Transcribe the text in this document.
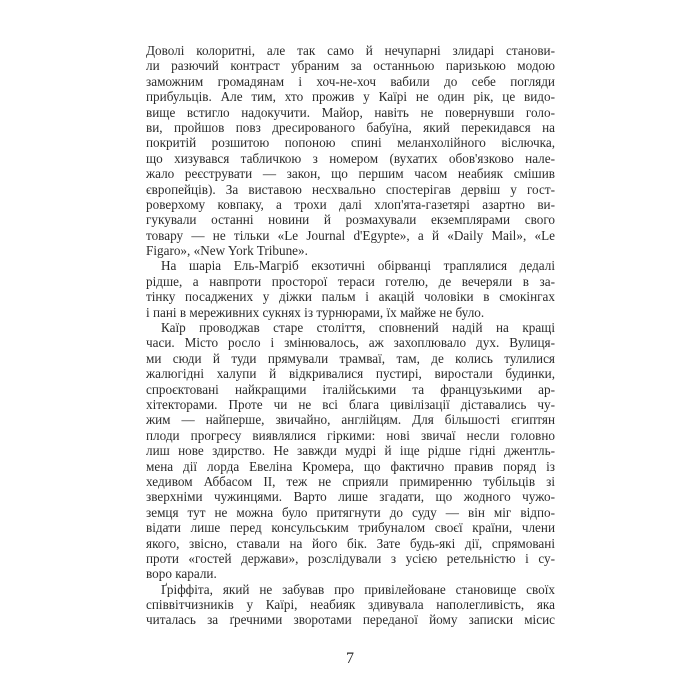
Доволі колоритні, але так само й нечупарні злидарі станови-
ли разючий контраст убраним за останньою паризькою модою
заможним громадянам і хоч-не-хоч вабили до себе погляди
прибульців. Але тим, хто прожив у Каїрі не один рік, це видо-
вище встигло надокучити. Майор, навіть не повернувши голо-
ви, пройшов повз дресированого бабуїна, який перекидався на
покритій розшитою попоною спині меланхолійного віслючка,
що хизувався табличкою з номером (вухатих обов'язково нале-
жало реєструвати — закон, що першим часом неабияк смішив
європейців). За виставою несхвально спостерігав дервіш у гост-
роверхому ковпаку, а трохи далі хлоп'ята-газетярі азартно ви-
гукували останні новини й розмахували екземплярами свого
товару — не тільки «Le Journal d'Egypte», а й «Daily Mail», «Le
Figaro», «New York Tribune».
На шаріа Ель-Магріб екзотичні обірванці траплялися дедалі
рідше, а навпроти просторої тераси готелю, де вечеряли в за-
тінку посаджених у діжки пальм і акацій чоловіки в смокінгах
і пані в мереживних сукнях із турнюрами, їх майже не було.
Каїр проводжав старе століття, сповнений надій на кращі
часи. Місто росло і змінювалось, аж захоплювало дух. Вулиця-
ми сюди й туди прямували трамваї, там, де колись тулилися
жалюгідні халупи й відкривалися пустирі, виростали будинки,
спроєктовані найкращими італійськими та французькими ар-
хітекторами. Проте чи не всі блага цивілізації діставались чу-
жим — найперше, звичайно, англійцям. Для більшості єгиптян
плоди прогресу виявлялися гіркими: нові звичаї несли головно
лиш нове здирство. Не завжди мудрі й іще рідше гідні джентль-
мена дії лорда Евеліна Кромера, що фактично правив поряд із
хедивом Аббасом II, теж не сприяли примиренню тубільців зі
зверхніми чужинцями. Варто лише згадати, що жодного чужо-
земця тут не можна було притягнути до суду — він міг відпо-
відати лише перед консульським трибуналом своєї країни, члени
якого, звісно, ставали на його бік. Зате будь-які дії, спрямовані
проти «гостей держави», розслідували з усією ретельністю і су-
воро карали.
Ґріффіта, який не забував про привілейоване становище своїх
співвітчизників у Каїрі, неабияк здивувала наполегливість, яка
читалась за ґречними зворотами переданої йому записки місис
7
